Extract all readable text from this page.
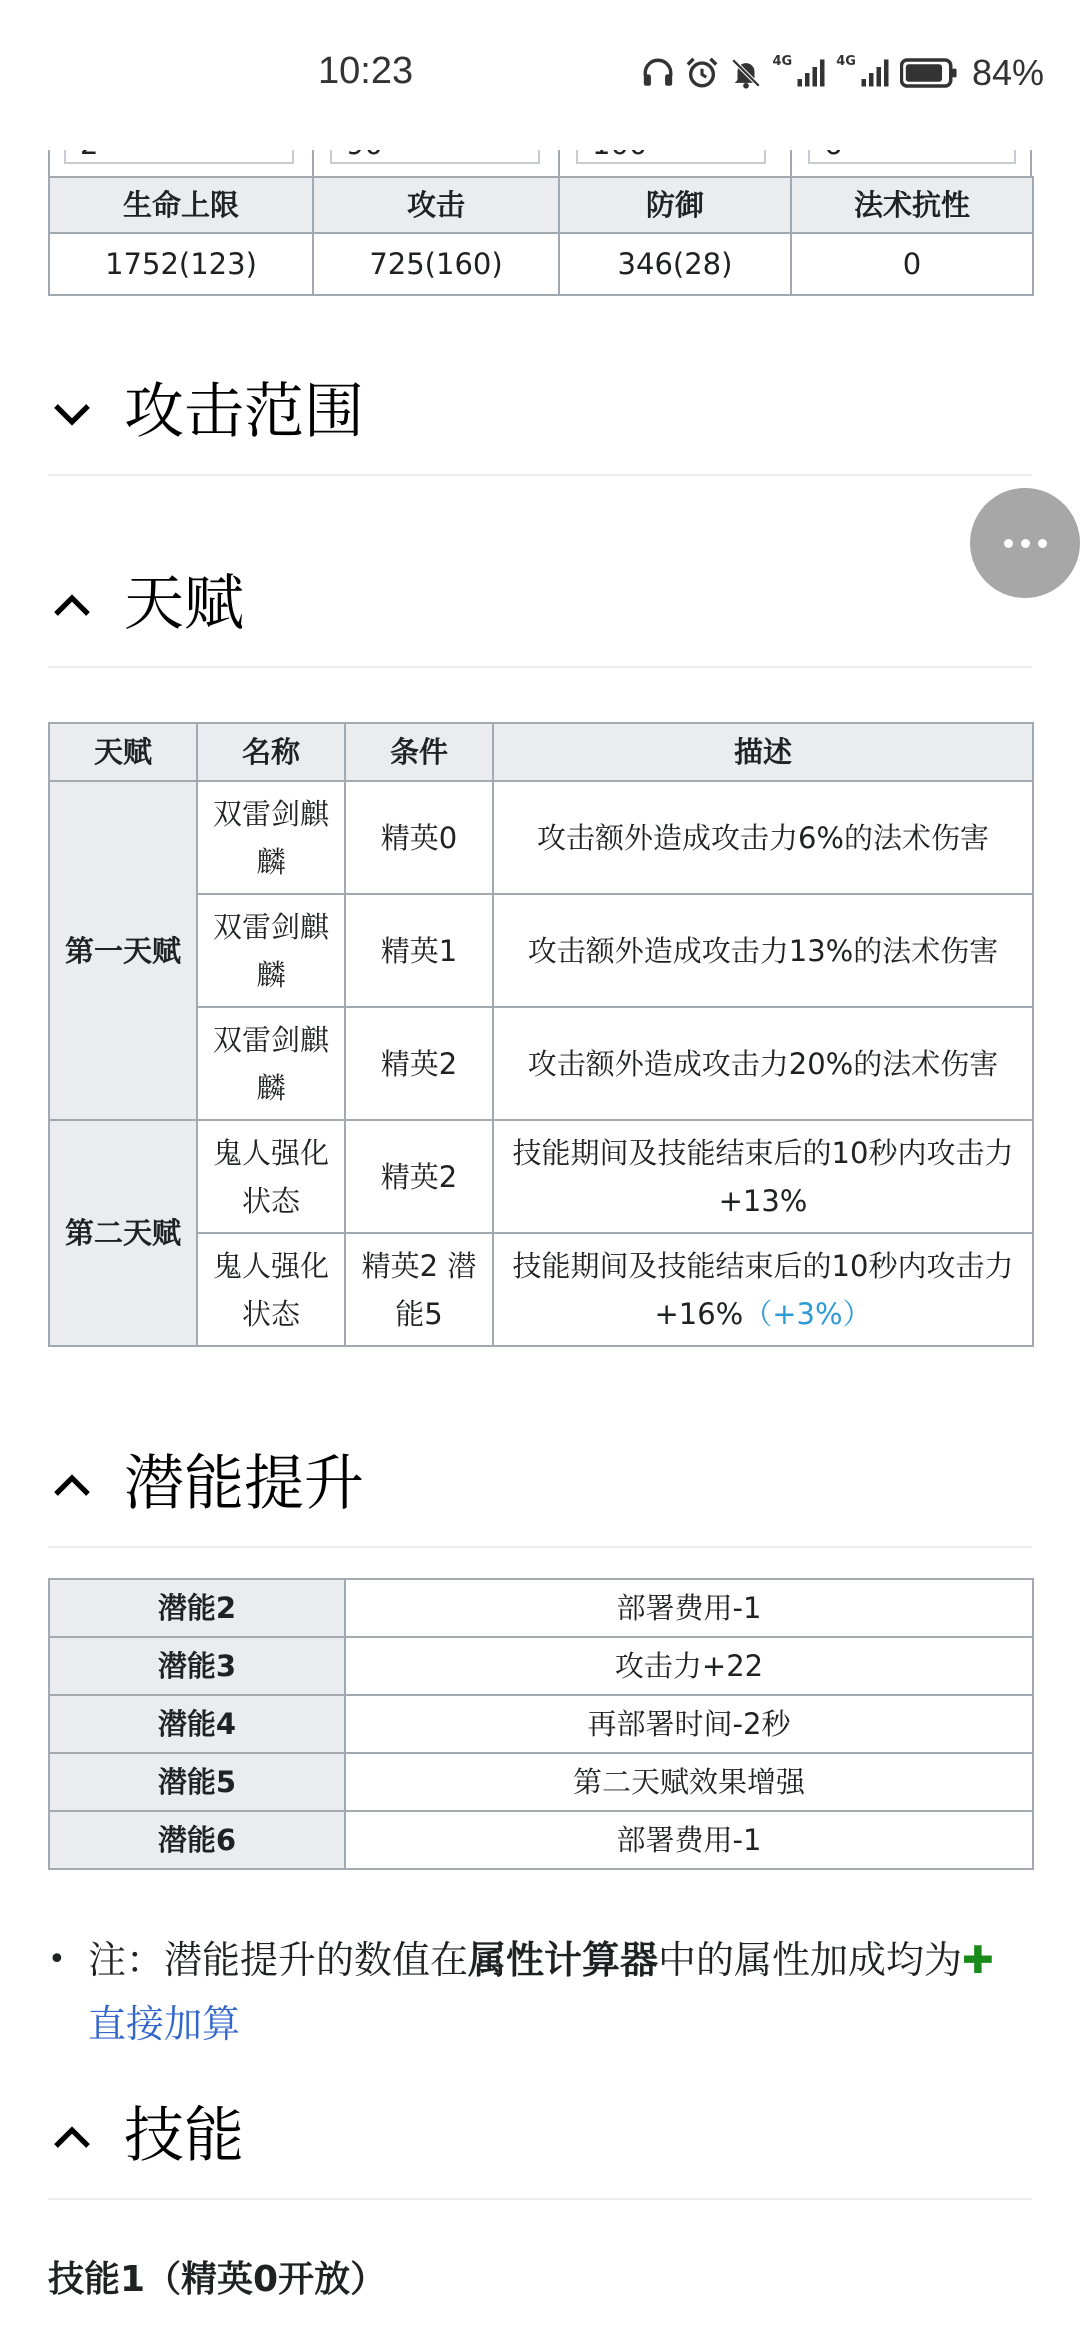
10:23	4G	4G	84%
生命上限	攻击	防御	法术抗性
1752(123)	725(160)	346(28)	0
攻击范围
天赋
天赋	名称	条件	描述
第一天赋	双雷剑麒麟	精英0	攻击额外造成攻击力6%的法术伤害
	双雷剑麒麟	精英1	攻击额外造成攻击力13%的法术伤害
	双雷剑麒麟	精英2	攻击额外造成攻击力20%的法术伤害
第二天赋	鬼人强化状态	精英2	技能期间及技能结束后的10秒内攻击力+13%
	鬼人强化状态	精英2 潜能5	技能期间及技能结束后的10秒内攻击力+16%（+3%）
潜能提升
潜能2	部署费用-1
潜能3	攻击力+22
潜能4	再部署时间-2秒
潜能5	第二天赋效果增强
潜能6	部署费用-1
• 注：潜能提升的数值在属性计算器中的属性加成均为✚
直接加算
技能
技能1（精英0开放）
